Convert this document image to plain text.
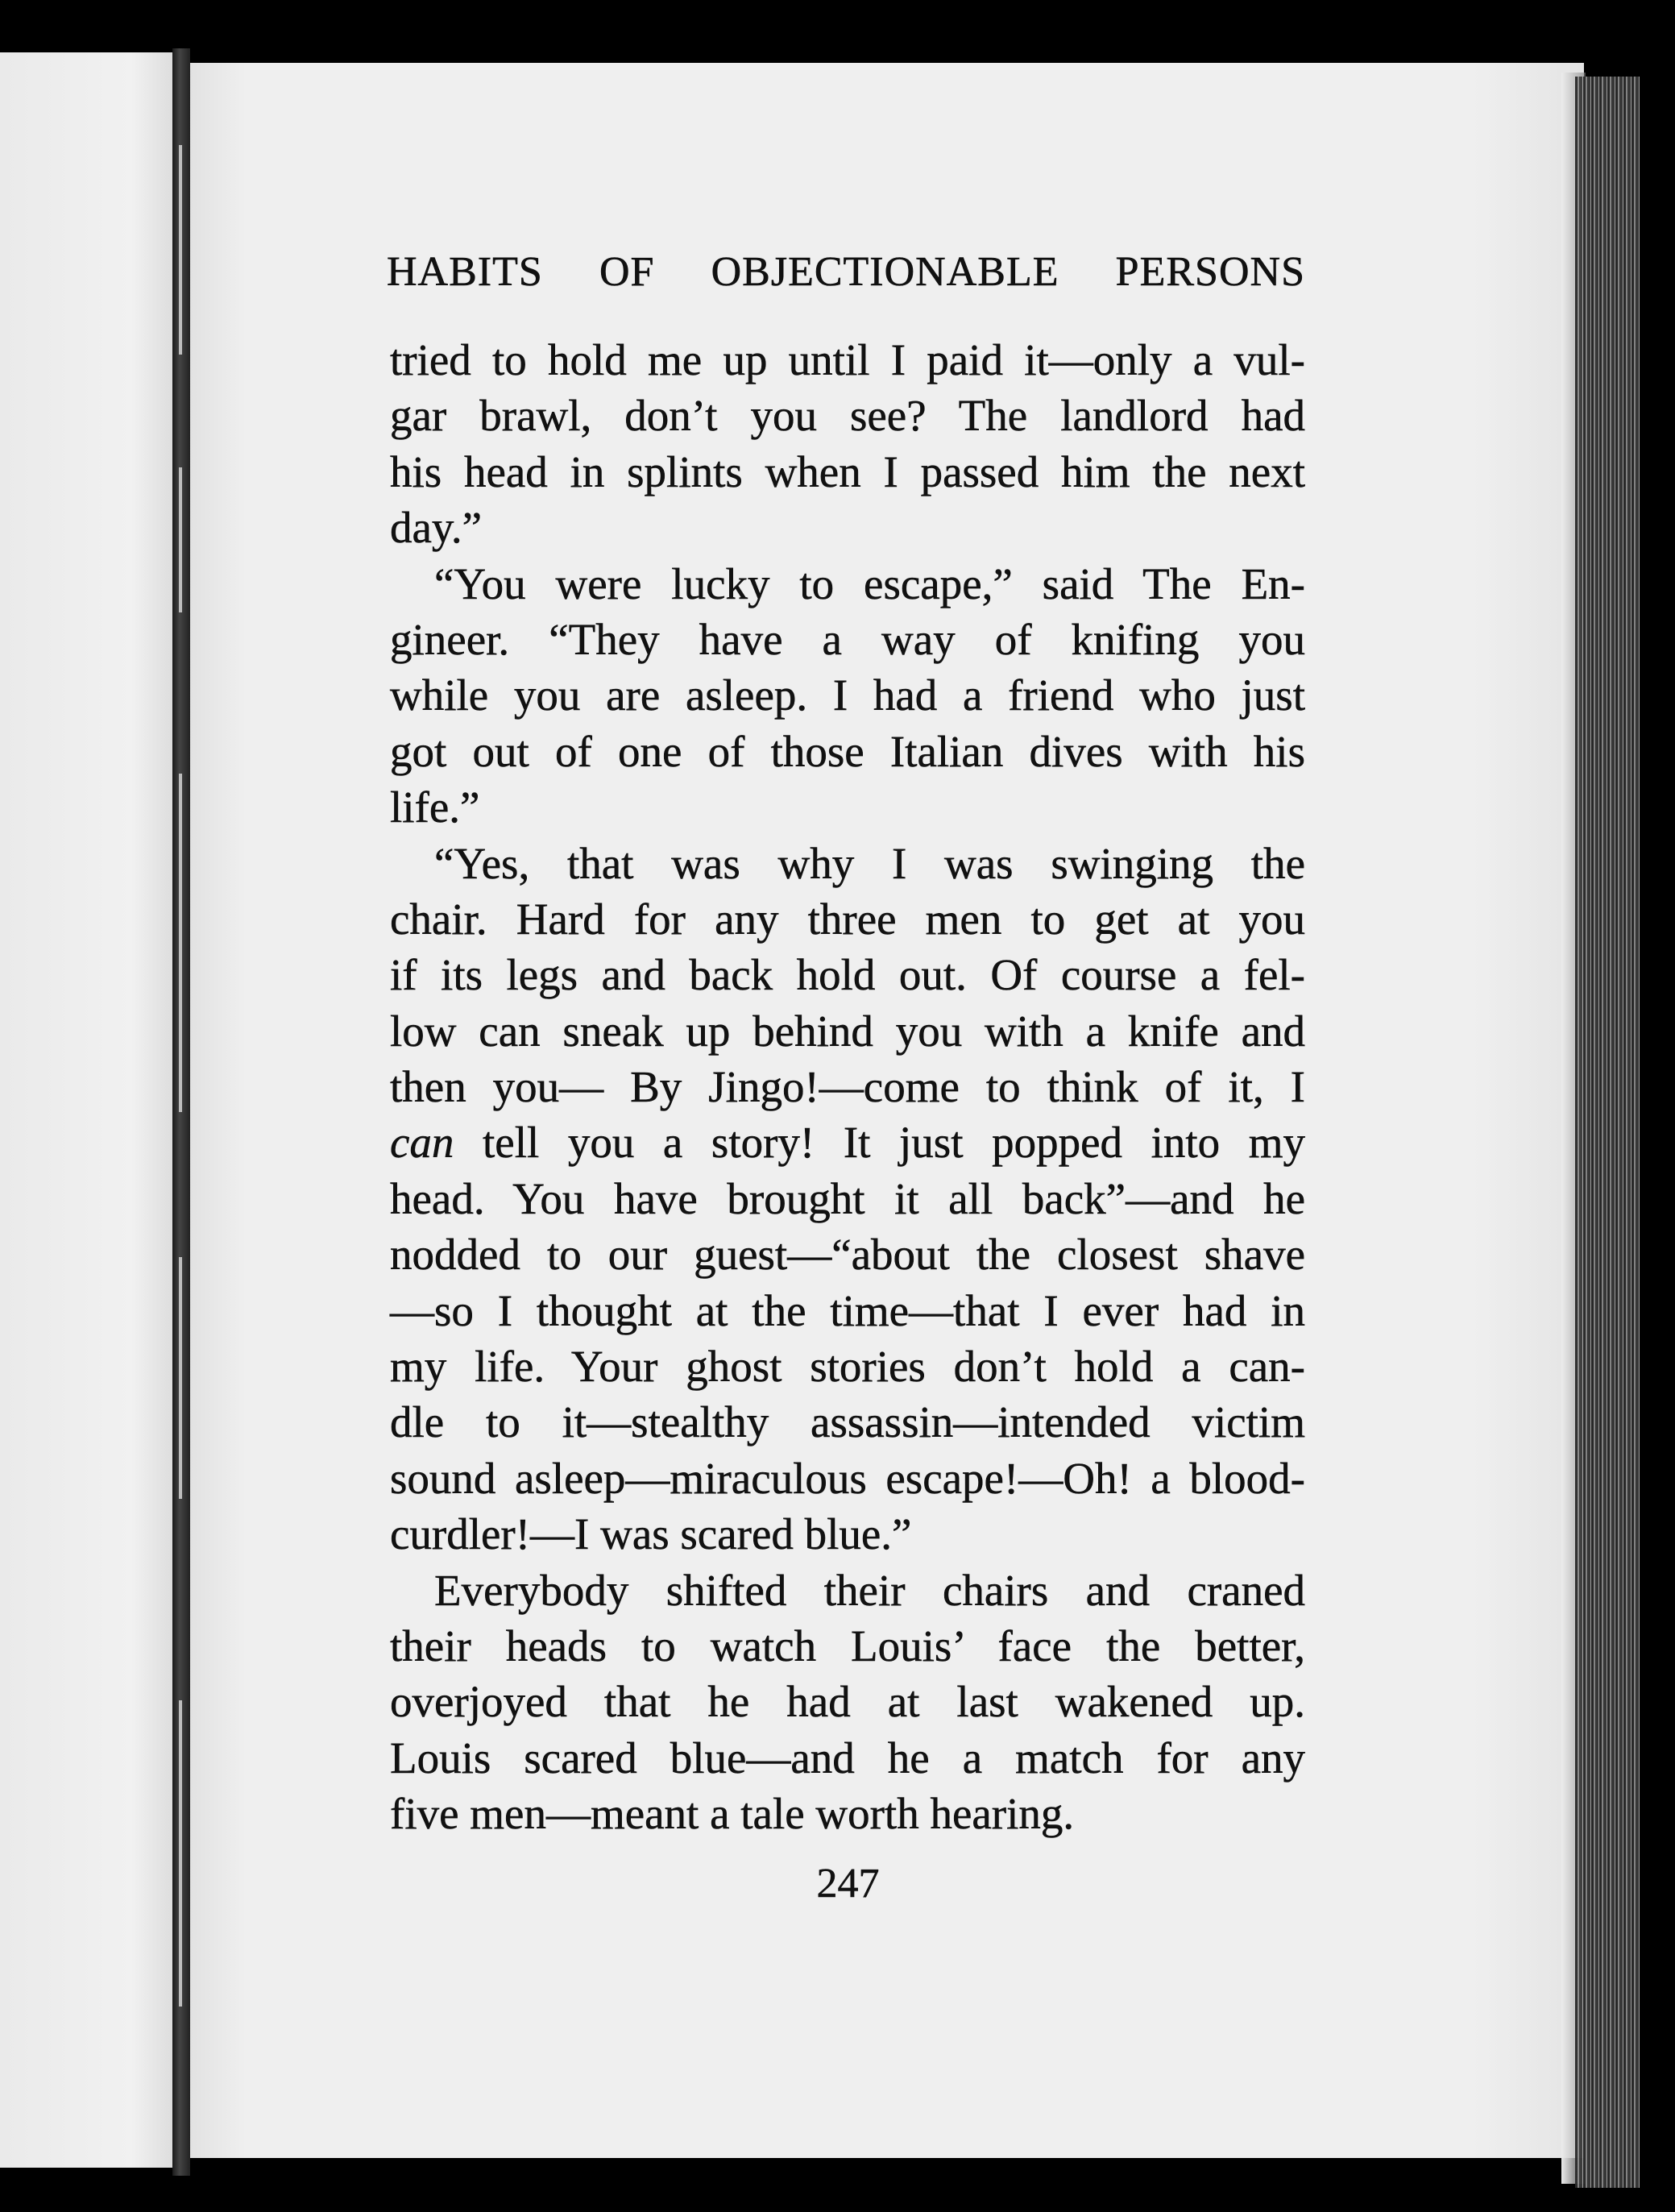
HABITS OF OBJECTIONABLE PERSONS
tried to hold me up until I paid it—only a vul-
gar brawl, don’t you see? The landlord had
his head in splints when I passed him the next
day.”
“You were lucky to escape,” said The En-
gineer. “They have a way of knifing you
while you are asleep. I had a friend who just
got out of one of those Italian dives with his
life.”
“Yes, that was why I was swinging the
chair. Hard for any three men to get at you
if its legs and back hold out. Of course a fel-
low can sneak up behind you with a knife and
then you— By Jingo!—come to think of it, I
can tell you a story! It just popped into my
head. You have brought it all back”—and he
nodded to our guest—“about the closest shave
—so I thought at the time—that I ever had in
my life. Your ghost stories don’t hold a can-
dle to it—stealthy assassin—intended victim
sound asleep—miraculous escape!—Oh! a blood-
curdler!—I was scared blue.”
Everybody shifted their chairs and craned
their heads to watch Louis’ face the better,
overjoyed that he had at last wakened up.
Louis scared blue—and he a match for any
five men—meant a tale worth hearing.
247
